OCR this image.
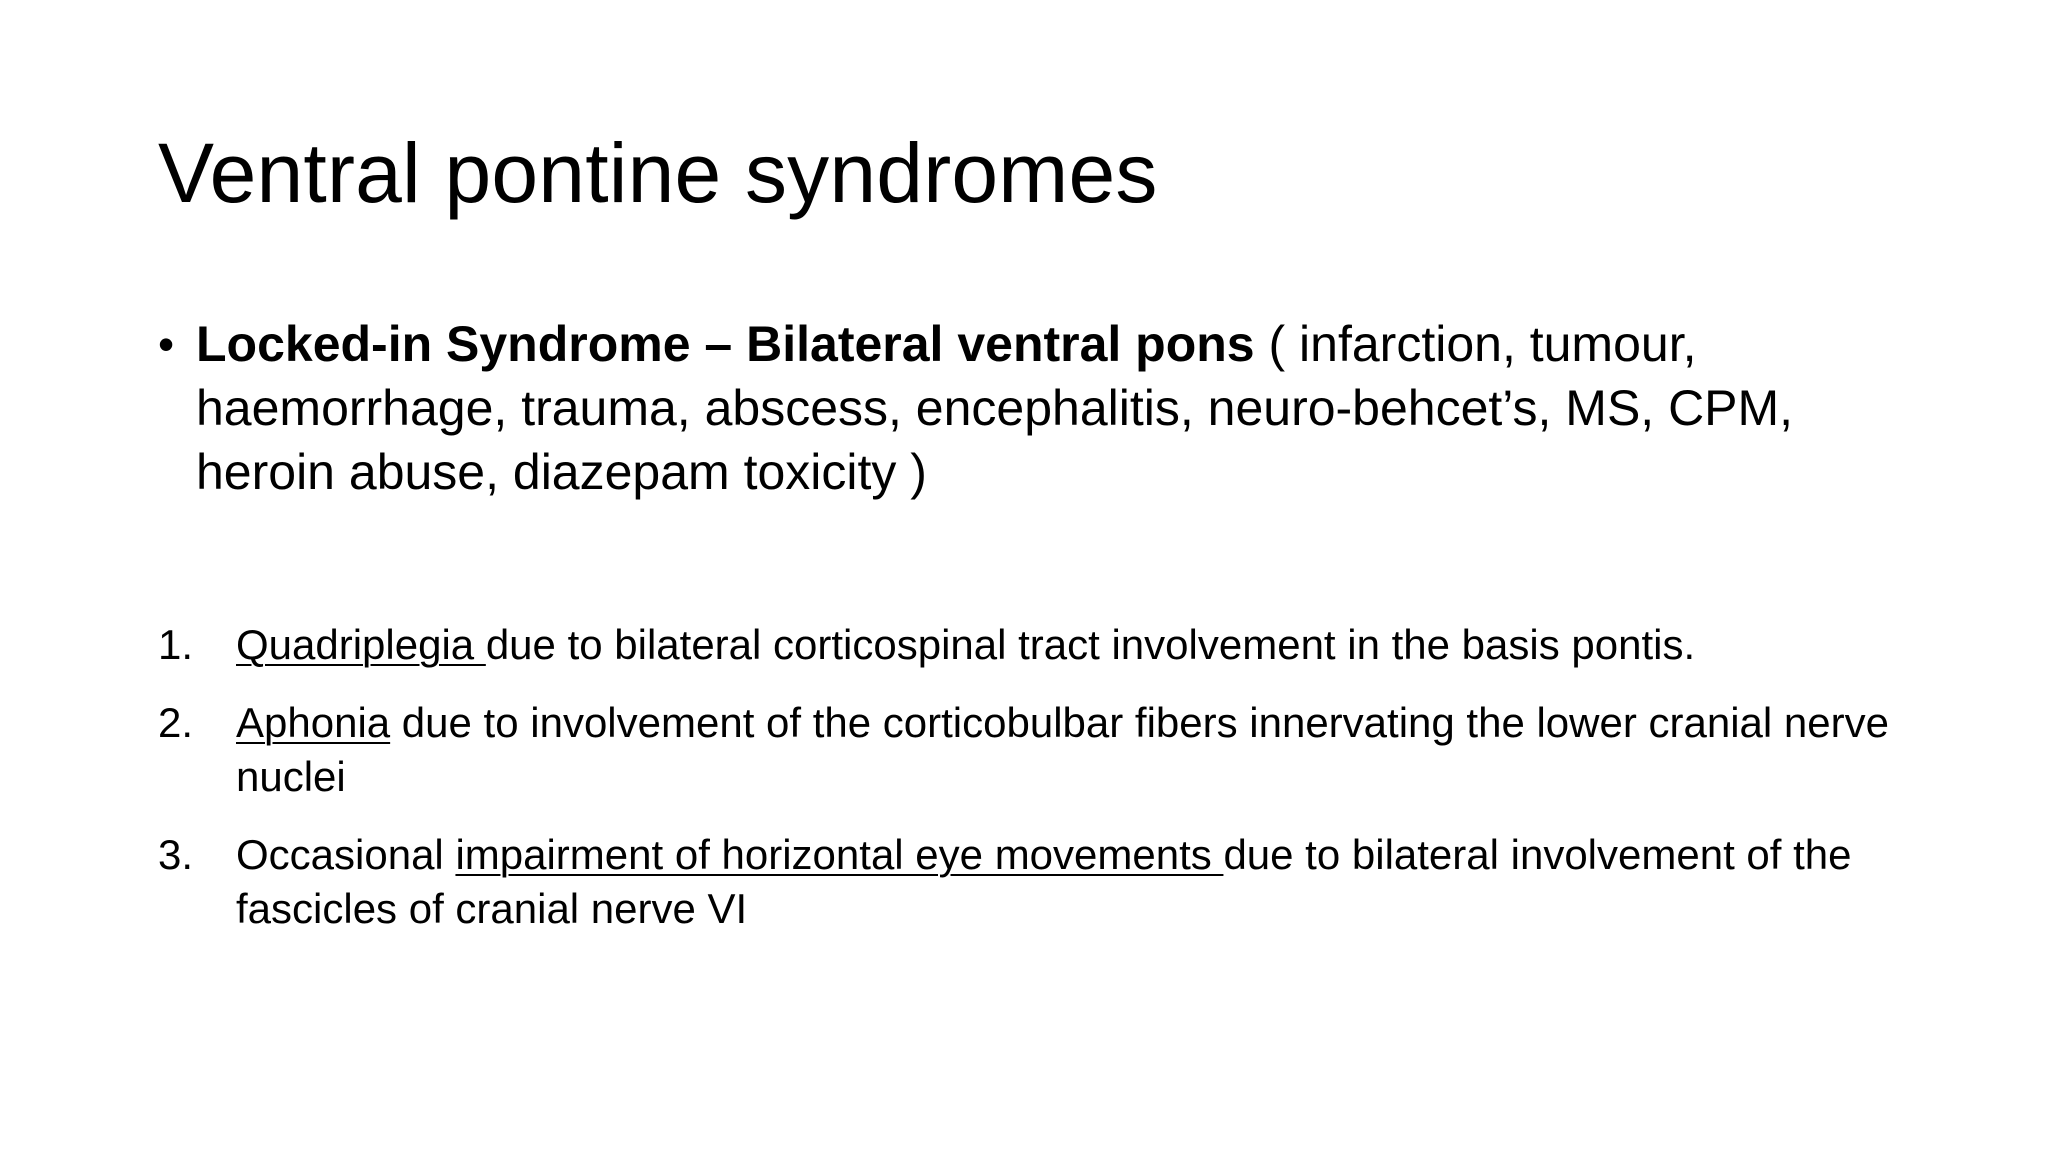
Ventral pontine syndromes
• Locked-in Syndrome – Bilateral ventral pons ( infarction, tumour, haemorrhage, trauma, abscess, encephalitis, neuro-behcet’s, MS, CPM, heroin abuse, diazepam toxicity )
1.	Quadriplegia due to bilateral corticospinal tract involvement in the basis pontis.
2.	Aphonia due to involvement of the corticobulbar fibers innervating the lower cranial nerve nuclei
3.	Occasional impairment of horizontal eye movements due to bilateral involvement of the fascicles of cranial nerve VI
